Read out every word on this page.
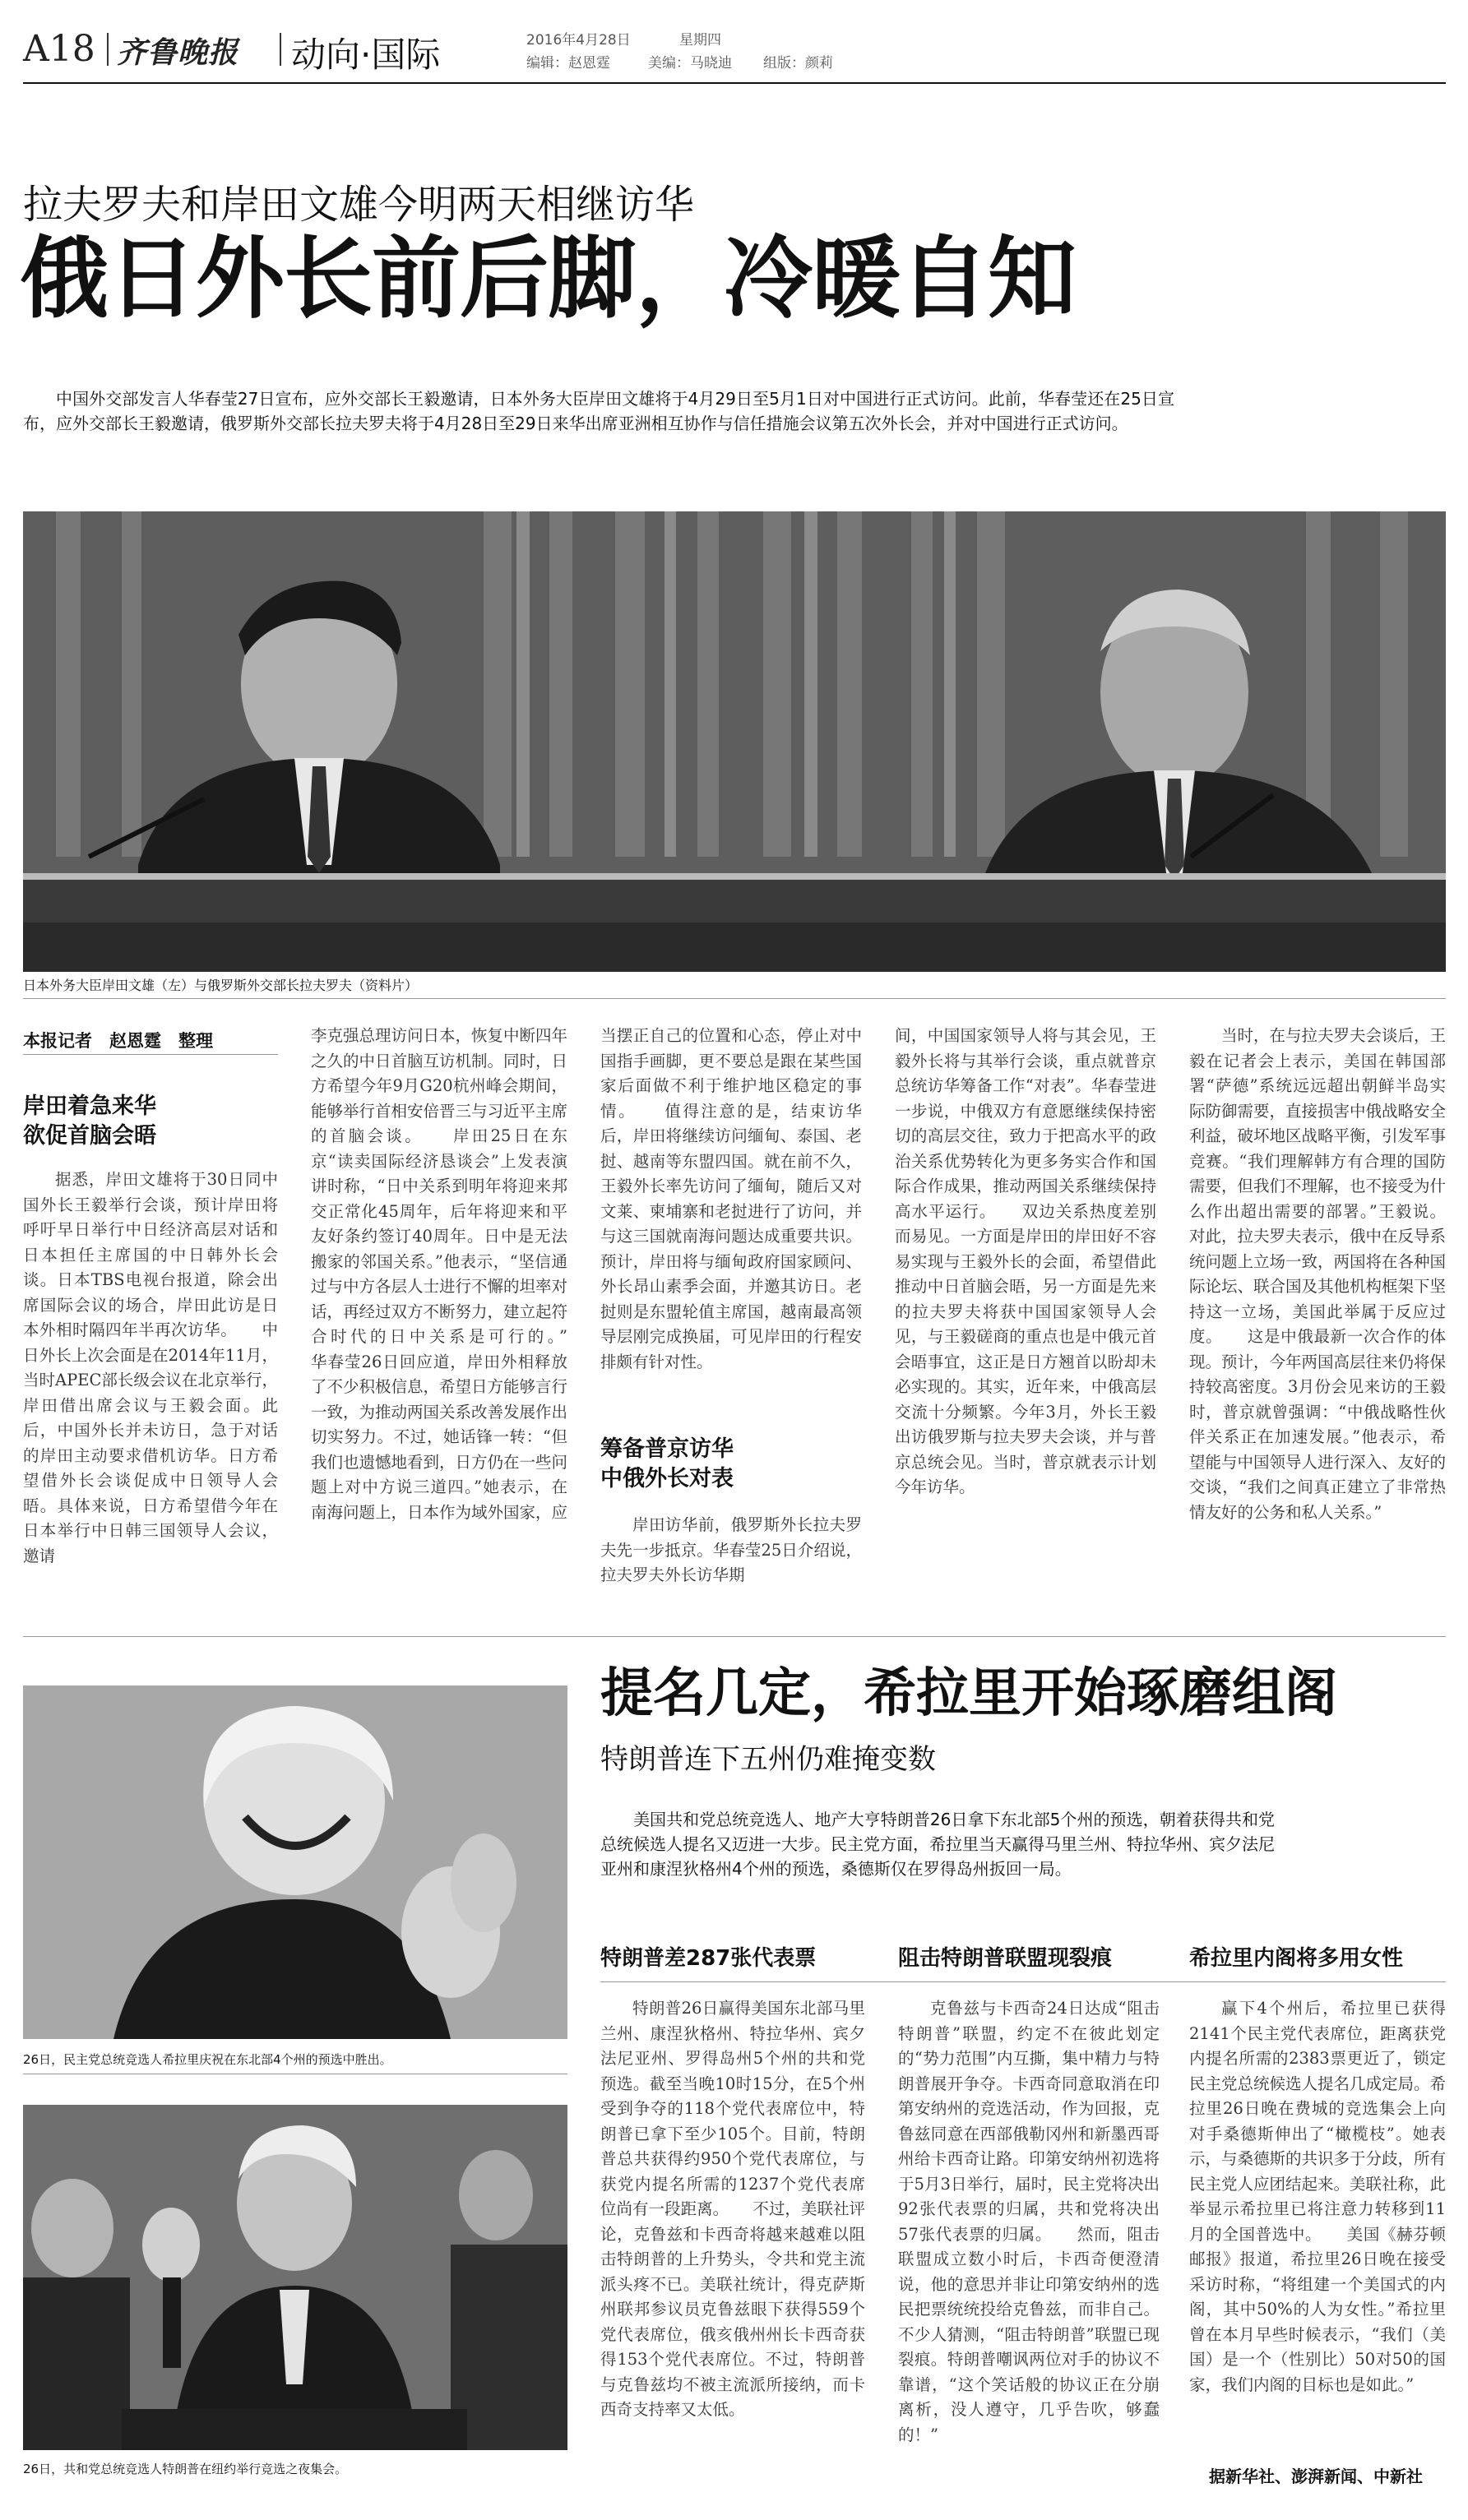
A18 齐鲁晚报 动向·国际	2016年4月28日	星期四
编辑：赵恩霆	美编：马晓迪 组版：颜莉
拉夫罗夫和岸田文雄今明两天相继访华
俄日外长前后脚，冷暖自知
中国外交部发言人华春莹27日宣布，应外交部长王毅邀请，日本外务大臣岸田文雄将于4月29日至5月1日对中国进行正式访问。此前，华春莹还在25日宣布，应外交部长王毅邀请，俄罗斯外交部长拉夫罗夫将于4月28日至29日来华出席亚洲相互协作与信任措施会议第五次外长会，并对中国进行正式访问。
日本外务大臣岸田文雄（左）与俄罗斯外交部长拉夫罗夫（资料片）
本报记者　赵恩霆　整理
岸田着急来华
欲促首脑会晤
据悉，岸田文雄将于30日同中国外长王毅举行会谈，预计岸田将呼吁早日举行中日经济高层对话和日本担任主席国的中日韩外长会谈。日本TBS电视台报道，除会出席国际会议的场合，岸田此访是日本外相时隔四年半再次访华。　　中日外长上次会面是在2014年11月，当时APEC部长级会议在北京举行，岸田借出席会议与王毅会面。此后，中国外长并未访日，急于对话的岸田主动要求借机访华。日方希望借外长会谈促成中日领导人会晤。具体来说，日方希望借今年在日本举行中日韩三国领导人会议，邀请
李克强总理访问日本，恢复中断四年之久的中日首脑互访机制。同时，日方希望今年9月G20杭州峰会期间，能够举行首相安倍晋三与习近平主席的首脑会谈。　　岸田25日在东京“读卖国际经济恳谈会”上发表演讲时称，“日中关系到明年将迎来邦交正常化45周年，后年将迎来和平友好条约签订40周年。日中是无法搬家的邻国关系。”他表示，“坚信通过与中方各层人士进行不懈的坦率对话，再经过双方不断努力，建立起符合时代的日中关系是可行的。”　　华春莹26日回应道，岸田外相释放了不少积极信息，希望日方能够言行一致，为推动两国关系改善发展作出切实努力。不过，她话锋一转：“但我们也遗憾地看到，日方仍在一些问题上对中方说三道四。”她表示，在南海问题上，日本作为域外国家，应
当摆正自己的位置和心态，停止对中国指手画脚，更不要总是跟在某些国家后面做不利于维护地区稳定的事情。　　值得注意的是，结束访华后，岸田将继续访问缅甸、泰国、老挝、越南等东盟四国。就在前不久，王毅外长率先访问了缅甸，随后又对文莱、柬埔寨和老挝进行了访问，并与这三国就南海问题达成重要共识。预计，岸田将与缅甸政府国家顾问、外长昂山素季会面，并邀其访日。老挝则是东盟轮值主席国，越南最高领导层刚完成换届，可见岸田的行程安排颇有针对性。
筹备普京访华
中俄外长对表
岸田访华前，俄罗斯外长拉夫罗夫先一步抵京。华春莹25日介绍说，拉夫罗夫外长访华期
间，中国国家领导人将与其会见，王毅外长将与其举行会谈，重点就普京总统访华筹备工作“对表”。华春莹进一步说，中俄双方有意愿继续保持密切的高层交往，致力于把高水平的政治关系优势转化为更多务实合作和国际合作成果，推动两国关系继续保持高水平运行。　　双边关系热度差别而易见。一方面是岸田的岸田好不容易实现与王毅外长的会面，希望借此推动中日首脑会晤，另一方面是先来的拉夫罗夫将获中国国家领导人会见，与王毅磋商的重点也是中俄元首会晤事宜，这正是日方翘首以盼却未必实现的。其实，近年来，中俄高层交流十分频繁。今年3月，外长王毅出访俄罗斯与拉夫罗夫会谈，并与普京总统会见。当时，普京就表示计划今年访华。
当时，在与拉夫罗夫会谈后，王毅在记者会上表示，美国在韩国部署“萨德”系统远远超出朝鲜半岛实际防御需要，直接损害中俄战略安全利益，破坏地区战略平衡，引发军事竞赛。“我们理解韩方有合理的国防需要，但我们不理解，也不接受为什么作出超出需要的部署。”王毅说。对此，拉夫罗夫表示，俄中在反导系统问题上立场一致，两国将在各种国际论坛、联合国及其他机构框架下坚持这一立场，美国此举属于反应过度。　　这是中俄最新一次合作的体现。预计，今年两国高层往来仍将保持较高密度。3月份会见来访的王毅时，普京就曾强调：“中俄战略性伙伴关系正在加速发展。”他表示，希望能与中国领导人进行深入、友好的交谈，“我们之间真正建立了非常热情友好的公务和私人关系。”
26日，民主党总统竞选人希拉里庆祝在东北部4个州的预选中胜出。
26日，共和党总统竞选人特朗普在纽约举行竞选之夜集会。
提名几定，希拉里开始琢磨组阁
特朗普连下五州仍难掩变数
美国共和党总统竞选人、地产大亨特朗普26日拿下东北部5个州的预选，朝着获得共和党总统候选人提名又迈进一大步。民主党方面，希拉里当天赢得马里兰州、特拉华州、宾夕法尼亚州和康涅狄格州4个州的预选，桑德斯仅在罗得岛州扳回一局。
特朗普差287张代表票	阻击特朗普联盟现裂痕	希拉里内阁将多用女性
特朗普26日赢得美国东北部马里兰州、康涅狄格州、特拉华州、宾夕法尼亚州、罗得岛州5个州的共和党预选。截至当晚10时15分，在5个州受到争夺的118个党代表席位中，特朗普已拿下至少105个。目前，特朗普总共获得约950个党代表席位，与获党内提名所需的1237个党代表席位尚有一段距离。　　不过，美联社评论，克鲁兹和卡西奇将越来越难以阻击特朗普的上升势头，令共和党主流派头疼不已。美联社统计，得克萨斯州联邦参议员克鲁兹眼下获得559个党代表席位，俄亥俄州州长卡西奇获得153个党代表席位。不过，特朗普与克鲁兹均不被主流派所接纳，而卡西奇支持率又太低。
克鲁兹与卡西奇24日达成“阻击特朗普”联盟，约定不在彼此划定的“势力范围”内互撕，集中精力与特朗普展开争夺。卡西奇同意取消在印第安纳州的竞选活动，作为回报，克鲁兹同意在西部俄勒冈州和新墨西哥州给卡西奇让路。印第安纳州初选将于5月3日举行，届时，民主党将决出92张代表票的归属，共和党将决出57张代表票的归属。　　然而，阻击联盟成立数小时后，卡西奇便澄清说，他的意思并非让印第安纳州的选民把票统统投给克鲁兹，而非自己。不少人猜测，“阻击特朗普”联盟已现裂痕。特朗普嘲讽两位对手的协议不靠谱，“这个笑话般的协议正在分崩离析，没人遵守，几乎告吹，够蠢的！”
赢下4个州后，希拉里已获得2141个民主党代表席位，距离获党内提名所需的2383票更近了，锁定民主党总统候选人提名几成定局。希拉里26日晚在费城的竞选集会上向对手桑德斯伸出了“橄榄枝”。她表示，与桑德斯的共识多于分歧，所有民主党人应团结起来。美联社称，此举显示希拉里已将注意力转移到11月的全国普选中。　　美国《赫芬顿邮报》报道，希拉里26日晚在接受采访时称，“将组建一个美国式的内阁，其中50%的人为女性。”希拉里曾在本月早些时候表示，“我们（美国）是一个（性别比）50对50的国家，我们内阁的目标也是如此。”
据新华社、澎湃新闻、中新社
